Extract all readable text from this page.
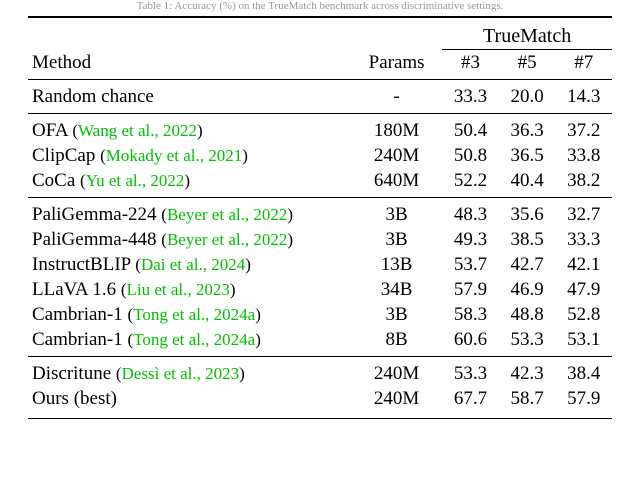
Table 1: Accuracy (%) on the TrueMatch benchmark across discriminative settings.

		TrueMatch		

Method	Params	#3	#5	#7

Random chance	-	33.3	20.0	14.3

OFA (Wang et al., 2022)	180M	50.4	36.3	37.2
ClipCap (Mokady et al., 2021)	240M	50.8	36.5	33.8
CoCa (Yu et al., 2022)	640M	52.2	40.4	38.2

PaliGemma-224 (Beyer et al., 2022)	3B	48.3	35.6	32.7
PaliGemma-448 (Beyer et al., 2022)	3B	49.3	38.5	33.3
InstructBLIP (Dai et al., 2024)	13B	53.7	42.7	42.1
LLaVA 1.6 (Liu et al., 2023)	34B	57.9	46.9	47.9
Cambrian-1 (Tong et al., 2024a)	3B	58.3	48.8	52.8
Cambrian-1 (Tong et al., 2024a)	8B	60.6	53.3	53.1

Discritune (Dessì et al., 2023)	240M	53.3	42.3	38.4
Ours (best)	240M	67.7	58.7	57.9
